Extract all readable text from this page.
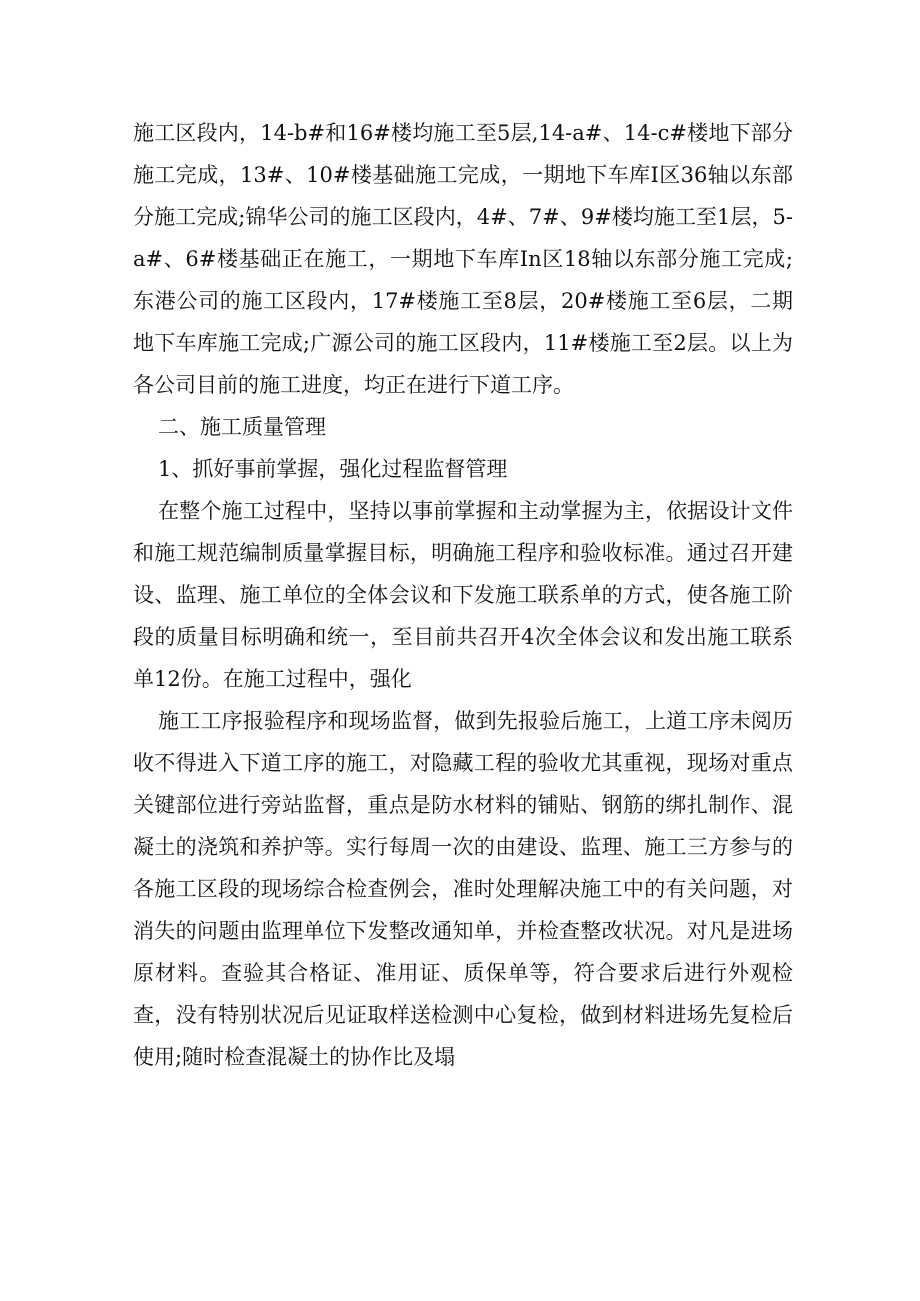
施工区段内，14-b#和16#楼均施工至5层,14-a#、14-c#楼地下部分施工完成，13#、10#楼基础施工完成，一期地下车库Ⅰ区36轴以东部分施工完成;锦华公司的施工区段内，4#、7#、9#楼均施工至1层，5-a#、6#楼基础正在施工，一期地下车库In区18轴以东部分施工完成;东港公司的施工区段内，17#楼施工至8层，20#楼施工至6层，二期地下车库施工完成;广源公司的施工区段内，11#楼施工至2层。以上为各公司目前的施工进度，均正在进行下道工序。

二、施工质量管理

1、抓好事前掌握，强化过程监督管理

在整个施工过程中，坚持以事前掌握和主动掌握为主，依据设计文件和施工规范编制质量掌握目标，明确施工程序和验收标准。通过召开建设、监理、施工单位的全体会议和下发施工联系单的方式，使各施工阶段的质量目标明确和统一，至目前共召开4次全体会议和发出施工联系单12份。在施工过程中，强化

施工工序报验程序和现场监督，做到先报验后施工，上道工序未阅历收不得进入下道工序的施工，对隐藏工程的验收尤其重视，现场对重点关键部位进行旁站监督，重点是防水材料的铺贴、钢筋的绑扎制作、混凝土的浇筑和养护等。实行每周一次的由建设、监理、施工三方参与的各施工区段的现场综合检查例会，准时处理解决施工中的有关问题，对消失的问题由监理单位下发整改通知单，并检查整改状况。对凡是进场原材料。查验其合格证、准用证、质保单等，符合要求后进行外观检查，没有特别状况后见证取样送检测中心复检，做到材料进场先复检后使用;随时检查混凝土的协作比及塌
